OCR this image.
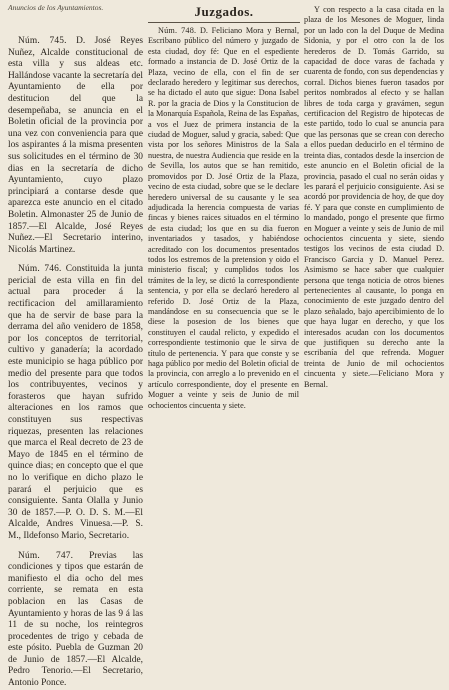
Anuncios de los Ayuntamientos.	Juzgados.

Núm. 745. D. José Reyes Nuñez, Alcalde constitucional de esta villa y sus aldeas etc. Hallándose vacante la secretaría del Ayuntamiento de ella por destitucion del que la desempeñaba, se anuncia en el Boletin oficial de la provincia por una vez con conveniencia para que los aspirantes á la misma presenten sus solicitudes en el término de 30 dias en la secretaría de dicho Ayuntamiento, cuyo plazo principiará a contarse desde que aparezca este anuncio en el citado Boletin. Almonaster 25 de Junio de 1857.—El Alcalde, José Reyes Nuñez.—El Secretario interino, Nicolás Martinez.

Núm. 746. Constituida la junta pericial de esta villa en fin del actual para proceder á la rectificacion del amillaramiento que ha de servir de base para la derrama del año venidero de 1858, por los conceptos de territorial, cultivo y ganadería; la acordado este municipio se haga público por medio del presente para que todos los contribuyentes, vecinos y forasteros que hayan sufrido alteraciones en los ramos que constituyen sus respectivas riquezas, presenten las relaciones que marca el Real decreto de 23 de Mayo de 1845 en el término de quince dias; en concepto que el que no lo verifique en dicho plazo le parará el perjuicio que es consiguiente. Santa Olalla y Junio 30 de 1857.—P. O. D. S. M.—El Alcalde, Andres Vinuesa.—P. S. M., Ildefonso Mario, Secretario.

Núm. 747. Previas las condiciones y tipos que estarán de manifiesto el dia ocho del mes corriente, se remata en esta poblacion en las Casas de Ayuntamiento y horas de las 9 á las 11 de su noche, los reintegros procedentes de trigo y cebada de este pósito. Puebla de Guzman 20 de Junio de 1857.—El Alcalde, Pedro Tenorio.—El Secretario, Antonio Ponce.

Núm. 748. D. Feliciano Mora y Bernal, Escribano público del número y juzgado de esta ciudad, doy fé: Que en el espediente formado a instancia de D. José Ortiz de la Plaza, vecino de ella, con el fin de ser declarado heredero y legitimar sus derechos, se ha dictado el auto que sigue: Dona Isabel R. por la gracia de Dios y la Constitucion de la Monarquía Española, Reina de las Españas, a vos el Juez de primera instancia de la ciudad de Moguer, salud y gracia, sabed: Que vista por los señores Ministros de la Sala nuestra, de nuestra Audiencia que reside en la de Sevilla, los autos que se han remitido, promovidos por D. José Ortiz de la Plaza, vecino de esta ciudad, sobre que se le declare heredero universal de su causante y le sea adjudicada la herencia compuesta de varias fincas y bienes raices situados en el término de esta ciudad; los que en su dia fueron inventariados y tasados, y habiéndose acreditado con los documentos presentados todos los estremos de la pretension y oido el ministerio fiscal; y cumplidos todos los trámites de la ley, se dictó la correspondiente sentencia, y por ella se declaró heredero al referido D. José Ortiz de la Plaza, mandándose en su consecuencia que se le diese la posesion de los bienes que constituyen el caudal relicto, y expedido el correspondiente testimonio que le sirva de título de pertenencia. Y para que conste y se haga público por medio del Boletin oficial de la provincia, con arreglo a lo prevenido en el artículo correspondiente, doy el presente en Moguer a veinte y seis de Junio de mil ochocientos cincuenta y siete.

Y con respecto a la casa citada en la plaza de los Mesones de Moguer, linda por un lado con la del Duque de Medina Sidonia, y por el otro con la de los herederos de D. Tomás Garrido, su capacidad de doce varas de fachada y cuarenta de fondo, con sus dependencias y corral. Dichos bienes fueron tasados por peritos nombrados al efecto y se hallan libres de toda carga y gravámen, segun certificacion del Registro de hipotecas de este partido, todo lo cual se anuncia para que las personas que se crean con derecho a ellos puedan deducirlo en el término de treinta dias, contados desde la insercion de este anuncio en el Boletin oficial de la provincia, pasado el cual no serán oidas y les parará el perjuicio consiguiente. Asi se acordó por providencia de hoy, de que doy fé. Y para que conste en cumplimiento de lo mandado, pongo el presente que firmo en Moguer a veinte y seis de Junio de mil ochocientos cincuenta y siete, siendo testigos los vecinos de esta ciudad D. Francisco Garcia y D. Manuel Perez. Asimismo se hace saber que cualquier persona que tenga noticia de otros bienes pertenecientes al causante, lo ponga en conocimiento de este juzgado dentro del plazo señalado, bajo apercibimiento de lo que haya lugar en derecho, y que los interesados acudan con los documentos que justifiquen su derecho ante la escribanía del que refrenda. Moguer treinta de Junio de mil ochocientos cincuenta y siete.—Feliciano Mora y Bernal.
